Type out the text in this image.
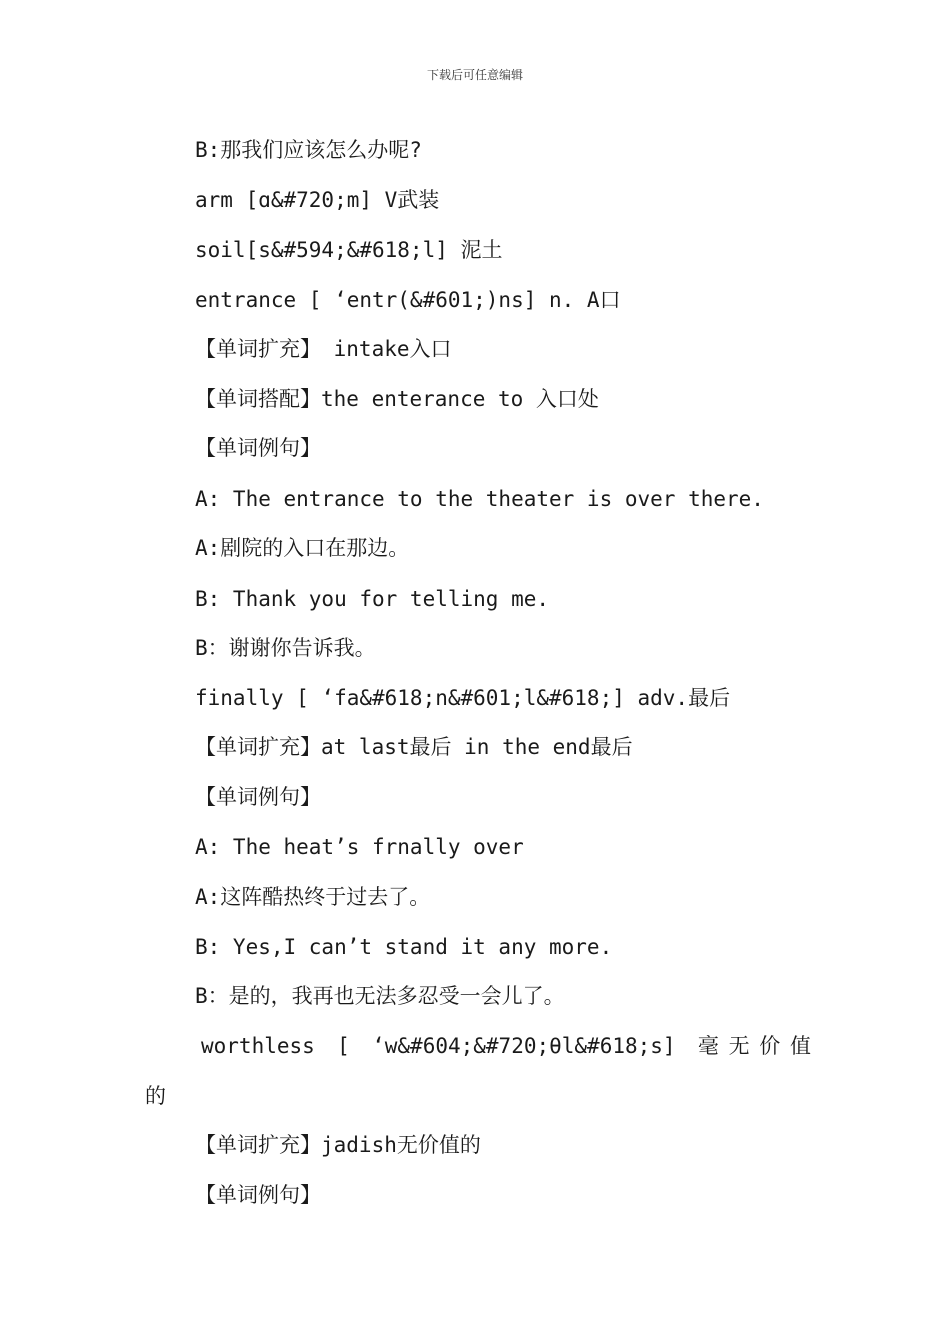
下载后可任意编辑
B:那我们应该怎么办呢?
arm [ɑ&#720;m] V武装
soil[s&#594;&#618;l] 泥土
entrance [ ‘entr(&#601;)ns] n. A口
【单词扩充】 intake入口
【单词搭配】the enterance to 入口处
【单词例句】
A: The entrance to the theater is over there.
A:剧院的入口在那边。
B: Thank you for telling me.
B：谢谢你告诉我。
finally [ ‘fa&#618;n&#601;l&#618;] adv.最后
【单词扩充】at last最后 in the end最后
【单词例句】
A: The heat’s frnally over
A:这阵酷热终于过去了。
B: Yes,I can’t stand it any more.
B：是的，我再也无法多忍受一会儿了。
worthless [ ‘w&#604;&#720;θl&#618;s] 毫无价值
的
【单词扩充】jadish无价值的
【单词例句】
